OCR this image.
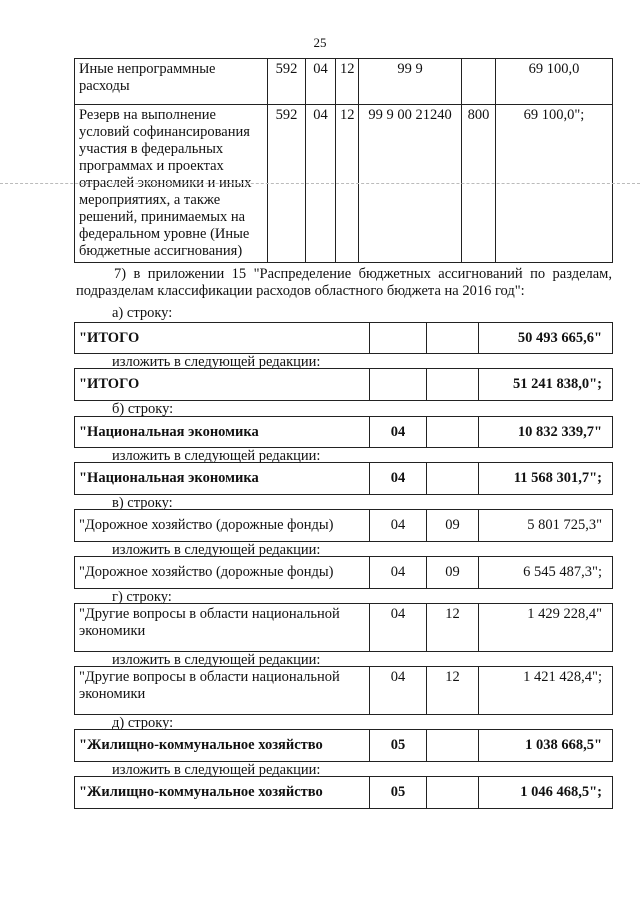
25
Иные непрограммные расходы	592	04	12	99 9		69 100,0
Резерв на выполнение условий софинансирования участия в федеральных программах и проектах отраслей экономики и иных мероприятиях, а также решений, принимаемых на федеральном уровне (Иные бюджетные ассигнования)	592	04	12	99 9 00 21240	800	69 100,0";
7) в приложении 15 "Распределение бюджетных ассигнований по разделам, подразделам классификации расходов областного бюджета на 2016 год":
а) строку:
"ИТОГО			50 493 665,6"
изложить в следующей редакции:
"ИТОГО			51 241 838,0";
б) строку:
"Национальная экономика	04		10 832 339,7"
изложить в следующей редакции:
"Национальная экономика	04		11 568 301,7";
в) строку:
"Дорожное хозяйство (дорожные фонды)	04	09	5 801 725,3"
изложить в следующей редакции:
"Дорожное хозяйство (дорожные фонды)	04	09	6 545 487,3";
г) строку:
"Другие вопросы в области национальной экономики	04	12	1 429 228,4"
изложить в следующей редакции:
"Другие вопросы в области национальной экономики	04	12	1 421 428,4";
д) строку:
"Жилищно-коммунальное хозяйство	05		1 038 668,5"
изложить в следующей редакции:
"Жилищно-коммунальное хозяйство	05		1 046 468,5";
